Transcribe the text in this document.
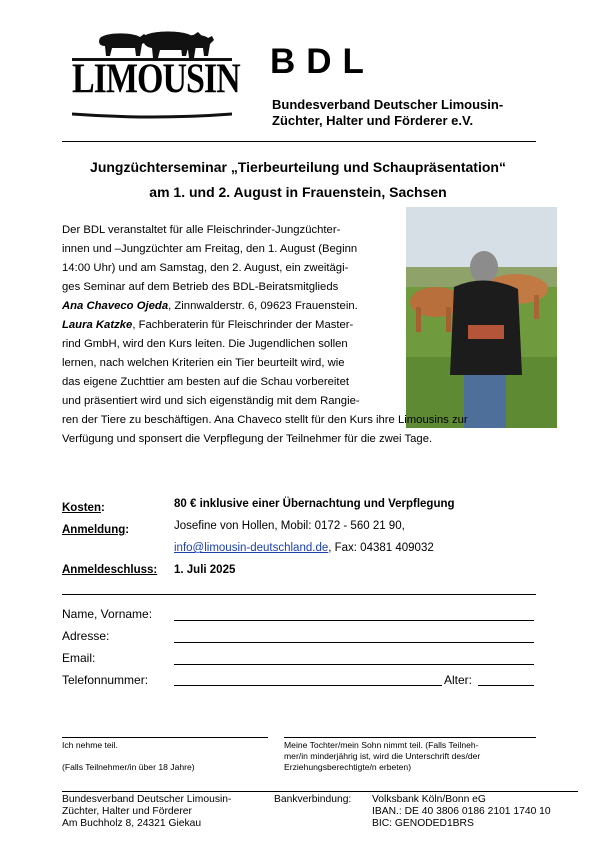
LIMOUSIN BDL
Bundesverband Deutscher Limousin-
Züchter, Halter und Förderer e.V.
Jungzüchterseminar „Tierbeurteilung und Schaupräsentation“
am 1. und 2. August in Frauenstein, Sachsen
Der BDL veranstaltet für alle Fleischrinder-Jungzüchter-
innen und –Jungzüchter am Freitag, den 1. August (Beginn
14:00 Uhr) und am Samstag, den 2. August, ein zweitägi-
ges Seminar auf dem Betrieb des BDL-Beiratsmitglieds
Ana Chaveco Ojeda, Zinnwalderstr. 6, 09623 Frauenstein.
Laura Katzke, Fachberaterin für Fleischrinder der Master-
rind GmbH, wird den Kurs leiten. Die Jugendlichen sollen
lernen, nach welchen Kriterien ein Tier beurteilt wird, wie
das eigene Zuchttier am besten auf die Schau vorbereitet
und präsentiert wird und sich eigenständig mit dem Rangie-
ren der Tiere zu beschäftigen. Ana Chaveco stellt für den Kurs ihre Limousins zur
Verfügung und sponsert die Verpflegung der Teilnehmer für die zwei Tage.
Kosten:	80 € inklusive einer Übernachtung und Verpflegung
Anmeldung:	Josefine von Hollen, Mobil: 0172 - 560 21 90,
info@limousin-deutschland.de, Fax: 04381 409032
Anmeldeschluss: 1. Juli 2025
Name, Vorname:
Adresse:
Email:
Telefonnummer:	Alter:
Ich nehme teil.
(Falls Teilnehmer/in über 18 Jahre)
Meine Tochter/mein Sohn nimmt teil. (Falls Teilneh-
mer/in minderjährig ist, wird die Unterschrift des/der
Erziehungsberechtigte/n erbeten)
Bundesverband Deutscher Limousin-
Züchter, Halter und Förderer
Am Buchholz 8, 24321 Giekau
Bankverbindung: Volksbank Köln/Bonn eG
IBAN.: DE 40 3806 0186 2101 1740 10
BIC: GENODED1BRS
